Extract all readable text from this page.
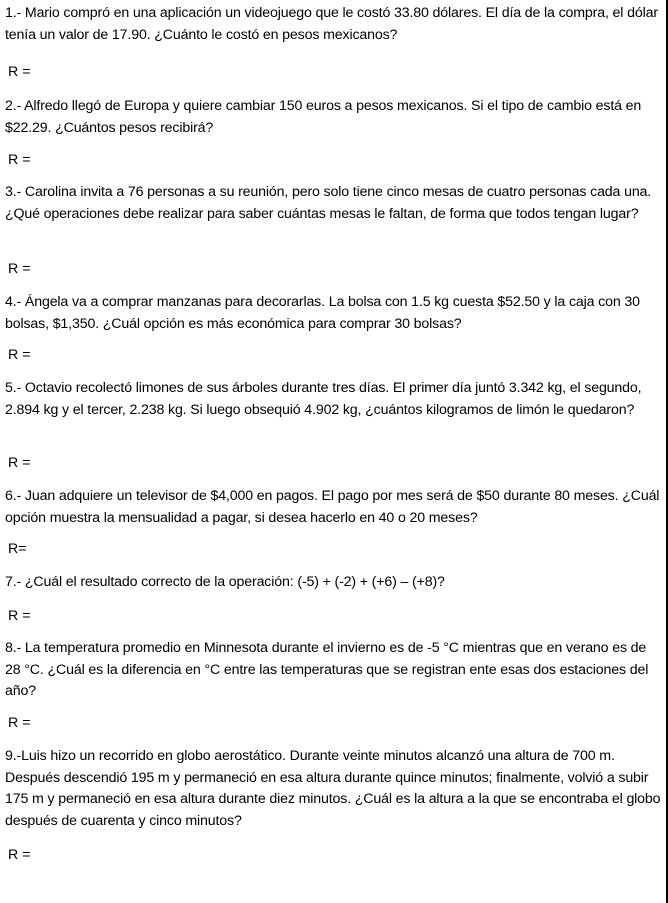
1.- Mario compró en una aplicación un videojuego que le costó 33.80 dólares. El día de la compra, el dólar tenía un valor de 17.90. ¿Cuánto le costó en pesos mexicanos?
R =
2.- Alfredo llegó de Europa y quiere cambiar 150 euros a pesos mexicanos. Si el tipo de cambio está en $22.29. ¿Cuántos pesos recibirá?
R =
3.- Carolina invita a 76 personas a su reunión, pero solo tiene cinco mesas de cuatro personas cada una. ¿Qué operaciones debe realizar para saber cuántas mesas le faltan, de forma que todos tengan lugar?
R =
4.- Ángela va a comprar manzanas para decorarlas. La bolsa con 1.5 kg cuesta $52.50 y la caja con 30 bolsas, $1,350. ¿Cuál opción es más económica para comprar 30 bolsas?
R =
5.- Octavio recolectó limones de sus árboles durante tres días. El primer día juntó 3.342 kg, el segundo, 2.894 kg y el tercer, 2.238 kg. Si luego obsequió 4.902 kg, ¿cuántos kilogramos de limón le quedaron?
R =
6.- Juan adquiere un televisor de $4,000 en pagos. El pago por mes será de $50 durante 80 meses. ¿Cuál opción muestra la mensualidad a pagar, si desea hacerlo en 40 o 20 meses?
R=
7.- ¿Cuál el resultado correcto de la operación: (-5) + (-2) + (+6) – (+8)?
R =
8.- La temperatura promedio en Minnesota durante el invierno es de -5 °C mientras que en verano es de 28 °C. ¿Cuál es la diferencia en °C entre las temperaturas que se registran ente esas dos estaciones del año?
R =
9.-Luis hizo un recorrido en globo aerostático. Durante veinte minutos alcanzó una altura de 700 m. Después descendió 195 m y permaneció en esa altura durante quince minutos; finalmente, volvió a subir 175 m y permaneció en esa altura durante diez minutos. ¿Cuál es la altura a la que se encontraba el globo después de cuarenta y cinco minutos?
R =
